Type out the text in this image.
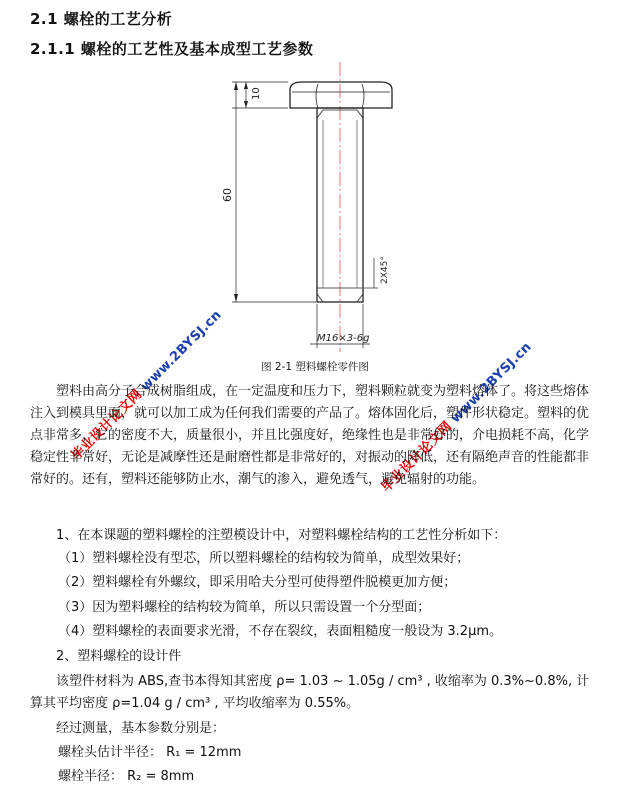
2.1 螺栓的工艺分析
2.1.1 螺栓的工艺性及基本成型工艺参数
10
60
2X45°
M16×3-6g
图 2-1 塑料螺栓零件图
毕业设计论文网 www.2BYSJ.cn
毕业设计论文网 www.2BYSJ.cn

塑料由高分子合成树脂组成，在一定温度和压力下，塑料颗粒就变为塑料熔体了。将这些熔体注入到模具里面，就可以加工成为任何我们需要的产品了。熔体固化后，塑件形状稳定。塑料的优点非常多，它的密度不大，质量很小，并且比强度好，绝缘性也是非常好的，介电损耗不高，化学稳定性非常好，无论是减摩性还是耐磨性都是非常好的，对振动的降低，还有隔绝声音的性能都非常好的。还有，塑料还能够防止水，潮气的渗入，避免透气，避免辐射的功能。

1、在本课题的塑料螺栓的注塑模设计中，对塑料螺栓结构的工艺性分析如下：

（1）塑料螺栓没有型芯，所以塑料螺栓的结构较为简单，成型效果好；
（2）塑料螺栓有外螺纹，即采用哈夫分型可使得塑件脱模更加方便；
（3）因为塑料螺栓的结构较为简单，所以只需设置一个分型面；
（4）塑料螺栓的表面要求光滑，不存在裂纹，表面粗糙度一般设为 3.2μm。

2、塑料螺栓的设计件

该塑件材料为 ABS,查书本得知其密度 ρ= 1.03 ~ 1.05g / cm³ , 收缩率为 0.3%~0.8%, 计

算其平均密度 ρ=1.04 g / cm³ , 平均收缩率为 0.55%。

经过测量，基本参数分别是：

螺栓头估计半径： R₁ = 12mm

螺栓半径： R₂ = 8mm
